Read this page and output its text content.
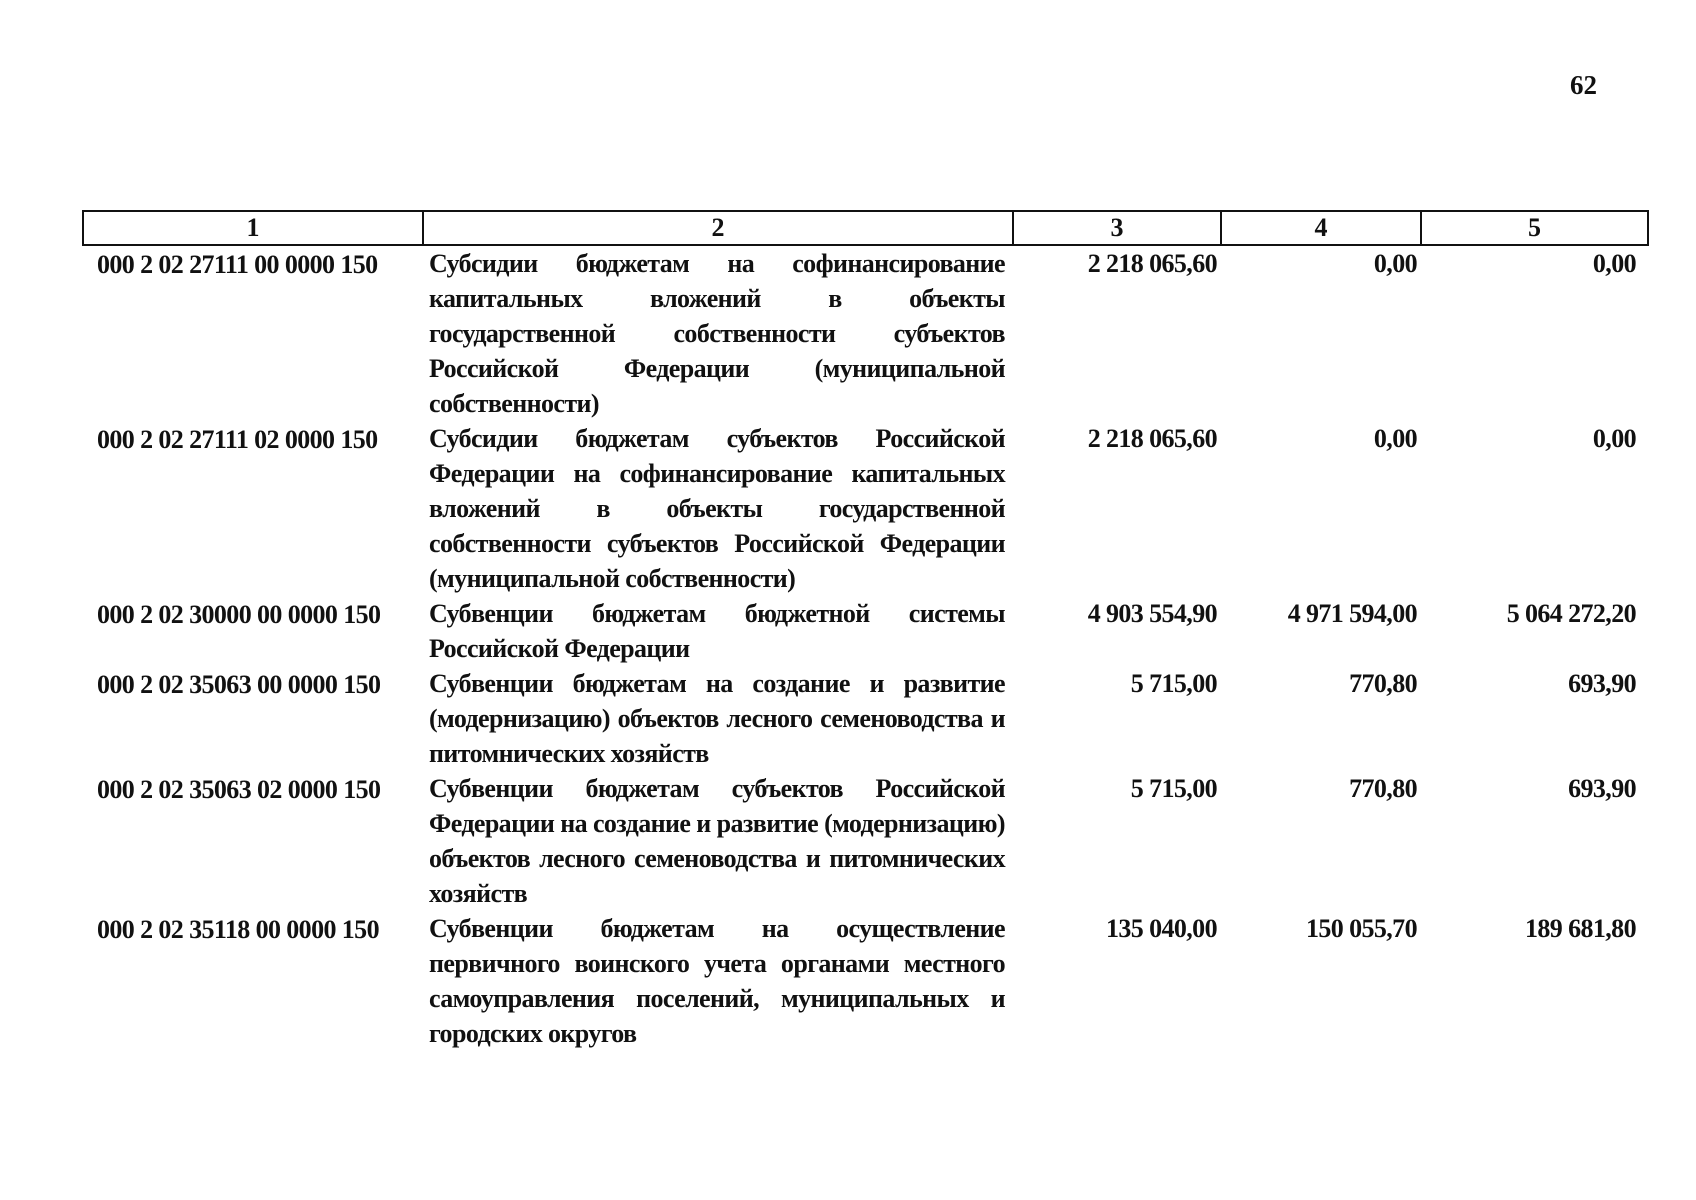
62
1	2	3	4	5
000 2 02 27111 00 0000 150	Субсидии бюджетам на софинансирование капитальных вложений в объекты государственной собственности субъектов Российской Федерации (муниципальной собственности)	2 218 065,60	0,00	0,00
000 2 02 27111 02 0000 150	Субсидии бюджетам субъектов Российской Федерации на софинансирование капитальных вложений в объекты государственной собственности субъектов Российской Федерации (муниципальной собственности)	2 218 065,60	0,00	0,00
000 2 02 30000 00 0000 150	Субвенции бюджетам бюджетной системы Российской Федерации	4 903 554,90	4 971 594,00	5 064 272,20
000 2 02 35063 00 0000 150	Субвенции бюджетам на создание и развитие (модернизацию) объектов лесного семеноводства и питомнических хозяйств	5 715,00	770,80	693,90
000 2 02 35063 02 0000 150	Субвенции бюджетам субъектов Российской Федерации на создание и развитие (модернизацию) объектов лесного семеноводства и питомнических хозяйств	5 715,00	770,80	693,90
000 2 02 35118 00 0000 150	Субвенции бюджетам на осуществление первичного воинского учета органами местного самоуправления поселений, муниципальных и городских округов	135 040,00	150 055,70	189 681,80
